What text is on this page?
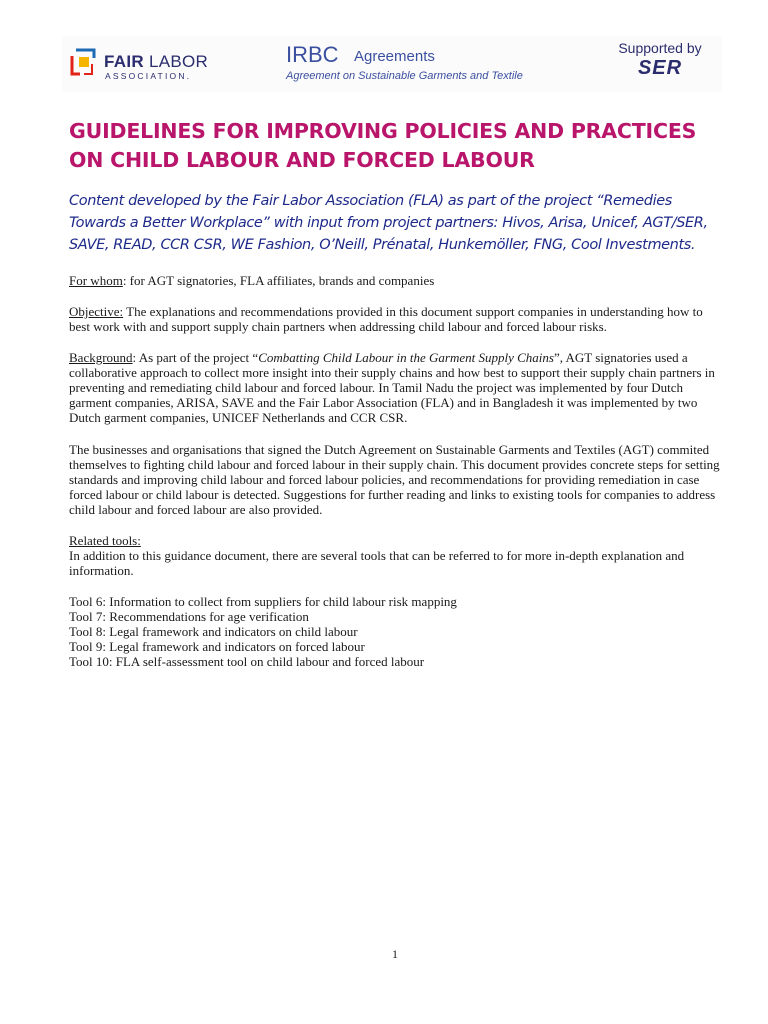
FAIR LABOR
ASSOCIATION.
IRBC Agreements
Agreement on Sustainable Garments and Textile
Supported by
SER
GUIDELINES FOR IMPROVING POLICIES AND PRACTICES ON CHILD LABOUR AND FORCED LABOUR
Content developed by the Fair Labor Association (FLA) as part of the project “Remedies Towards a Better Workplace” with input from project partners: Hivos, Arisa, Unicef, AGT/SER, SAVE, READ, CCR CSR, WE Fashion, O’Neill, Prénatal, Hunkemöller, FNG, Cool Investments.
For whom: for AGT signatories, FLA affiliates, brands and companies
Objective: The explanations and recommendations provided in this document support companies in understanding how to best work with and support supply chain partners when addressing child labour and forced labour risks.
Background: As part of the project “Combatting Child Labour in the Garment Supply Chains”, AGT signatories used a collaborative approach to collect more insight into their supply chains and how best to support their supply chain partners in preventing and remediating child labour and forced labour. In Tamil Nadu the project was implemented by four Dutch garment companies, ARISA, SAVE and the Fair Labor Association (FLA) and in Bangladesh it was implemented by two Dutch garment companies, UNICEF Netherlands and CCR CSR.
The businesses and organisations that signed the Dutch Agreement on Sustainable Garments and Textiles (AGT) commited themselves to fighting child labour and forced labour in their supply chain. This document provides concrete steps for setting standards and improving child labour and forced labour policies, and recommendations for providing remediation in case forced labour or child labour is detected. Suggestions for further reading and links to existing tools for companies to address child labour and forced labour are also provided.
Related tools:
In addition to this guidance document, there are several tools that can be referred to for more in-depth explanation and information.
Tool 6: Information to collect from suppliers for child labour risk mapping
Tool 7: Recommendations for age verification
Tool 8: Legal framework and indicators on child labour
Tool 9: Legal framework and indicators on forced labour
Tool 10: FLA self-assessment tool on child labour and forced labour
1
